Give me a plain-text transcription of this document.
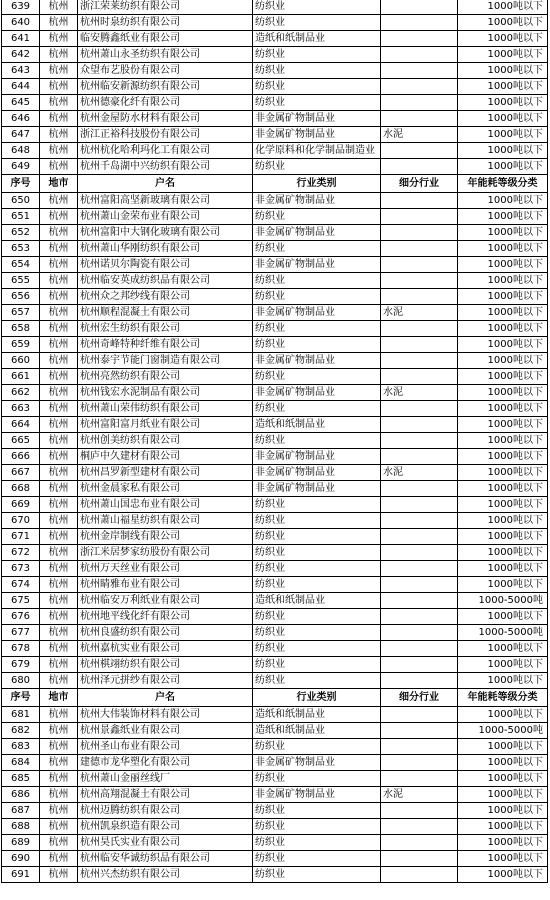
639	杭州	浙江荣莱纺织有限公司	纺织业		1000吨以下
640	杭州	杭州时泉纺织有限公司	纺织业		1000吨以下
641	杭州	临安腾鑫纸业有限公司	造纸和纸制品业		1000吨以下
642	杭州	杭州萧山永圣纺织有限公司	纺织业		1000吨以下
643	杭州	众望布艺股份有限公司	纺织业		1000吨以下
644	杭州	杭州临安新源纺织有限公司	纺织业		1000吨以下
645	杭州	杭州德豪化纤有限公司	纺织业		1000吨以下
646	杭州	杭州金屋防水材料有限公司	非金属矿物制品业		1000吨以下
647	杭州	浙江正裕科技股份有限公司	非金属矿物制品业	水泥	1000吨以下
648	杭州	杭州杭化哈利玛化工有限公司	化学原料和化学制品制造业		1000吨以下
649	杭州	杭州千岛湖中兴纺织有限公司	纺织业		1000吨以下
序号	地市	户名	行业类别	细分行业	年能耗等级分类
650	杭州	杭州富阳高坚新玻璃有限公司	非金属矿物制品业		1000吨以下
651	杭州	杭州萧山金荣布业有限公司	纺织业		1000吨以下
652	杭州	杭州富阳中大钢化玻璃有限公司	非金属矿物制品业		1000吨以下
653	杭州	杭州萧山华刚纺织有限公司	纺织业		1000吨以下
654	杭州	杭州诺贝尔陶瓷有限公司	非金属矿物制品业		1000吨以下
655	杭州	杭州临安英成纺织品有限公司	纺织业		1000吨以下
656	杭州	杭州众之邦纱线有限公司	纺织业		1000吨以下
657	杭州	杭州顺程混凝土有限公司	非金属矿物制品业	水泥	1000吨以下
658	杭州	杭州宏生纺织有限公司	纺织业		1000吨以下
659	杭州	杭州奇峰特种纤维有限公司	纺织业		1000吨以下
660	杭州	杭州泰宇节能门窗制造有限公司	非金属矿物制品业		1000吨以下
661	杭州	杭州亮然纺织有限公司	纺织业		1000吨以下
662	杭州	杭州钱宏水泥制品有限公司	非金属矿物制品业	水泥	1000吨以下
663	杭州	杭州萧山荣伟纺织有限公司	纺织业		1000吨以下
664	杭州	杭州富阳富月纸业有限公司	造纸和纸制品业		1000吨以下
665	杭州	杭州创美纺织有限公司	纺织业		1000吨以下
666	杭州	桐庐中久建材有限公司	非金属矿物制品业		1000吨以下
667	杭州	杭州昌罗新型建材有限公司	非金属矿物制品业	水泥	1000吨以下
668	杭州	杭州金晨家私有限公司	非金属矿物制品业		1000吨以下
669	杭州	杭州萧山国忠布业有限公司	纺织业		1000吨以下
670	杭州	杭州萧山福星纺织有限公司	纺织业		1000吨以下
671	杭州	杭州金岸制线有限公司	纺织业		1000吨以下
672	杭州	浙江米居梦家纺股份有限公司	纺织业		1000吨以下
673	杭州	杭州万天丝业有限公司	纺织业		1000吨以下
674	杭州	杭州睛雅布业有限公司	纺织业		1000吨以下
675	杭州	杭州临安万利纸业有限公司	造纸和纸制品业		1000-5000吨
676	杭州	杭州地平线化纤有限公司	纺织业		1000吨以下
677	杭州	杭州良盛纺织有限公司	纺织业		1000-5000吨
678	杭州	杭州嘉杭实业有限公司	纺织业		1000吨以下
679	杭州	杭州棋翊纺织有限公司	纺织业		1000吨以下
680	杭州	杭州泽元拼纱有限公司	纺织业		1000吨以下
序号	地市	户名	行业类别	细分行业	年能耗等级分类
681	杭州	杭州大伟装饰材料有限公司	造纸和纸制品业		1000吨以下
682	杭州	杭州景鑫纸业有限公司	造纸和纸制品业		1000-5000吨
683	杭州	杭州圣山布业有限公司	纺织业		1000吨以下
684	杭州	建德市龙华塑化有限公司	非金属矿物制品业		1000吨以下
685	杭州	杭州萧山金丽丝线厂	纺织业		1000吨以下
686	杭州	杭州高翔混凝土有限公司	非金属矿物制品业	水泥	1000吨以下
687	杭州	杭州迈腾纺织有限公司	纺织业		1000吨以下
688	杭州	杭州凯泉织造有限公司	纺织业		1000吨以下
689	杭州	杭州昊氏实业有限公司	纺织业		1000吨以下
690	杭州	杭州临安华诚纺织品有限公司	纺织业		1000吨以下
691	杭州	杭州兴杰纺织有限公司	纺织业		1000吨以下
